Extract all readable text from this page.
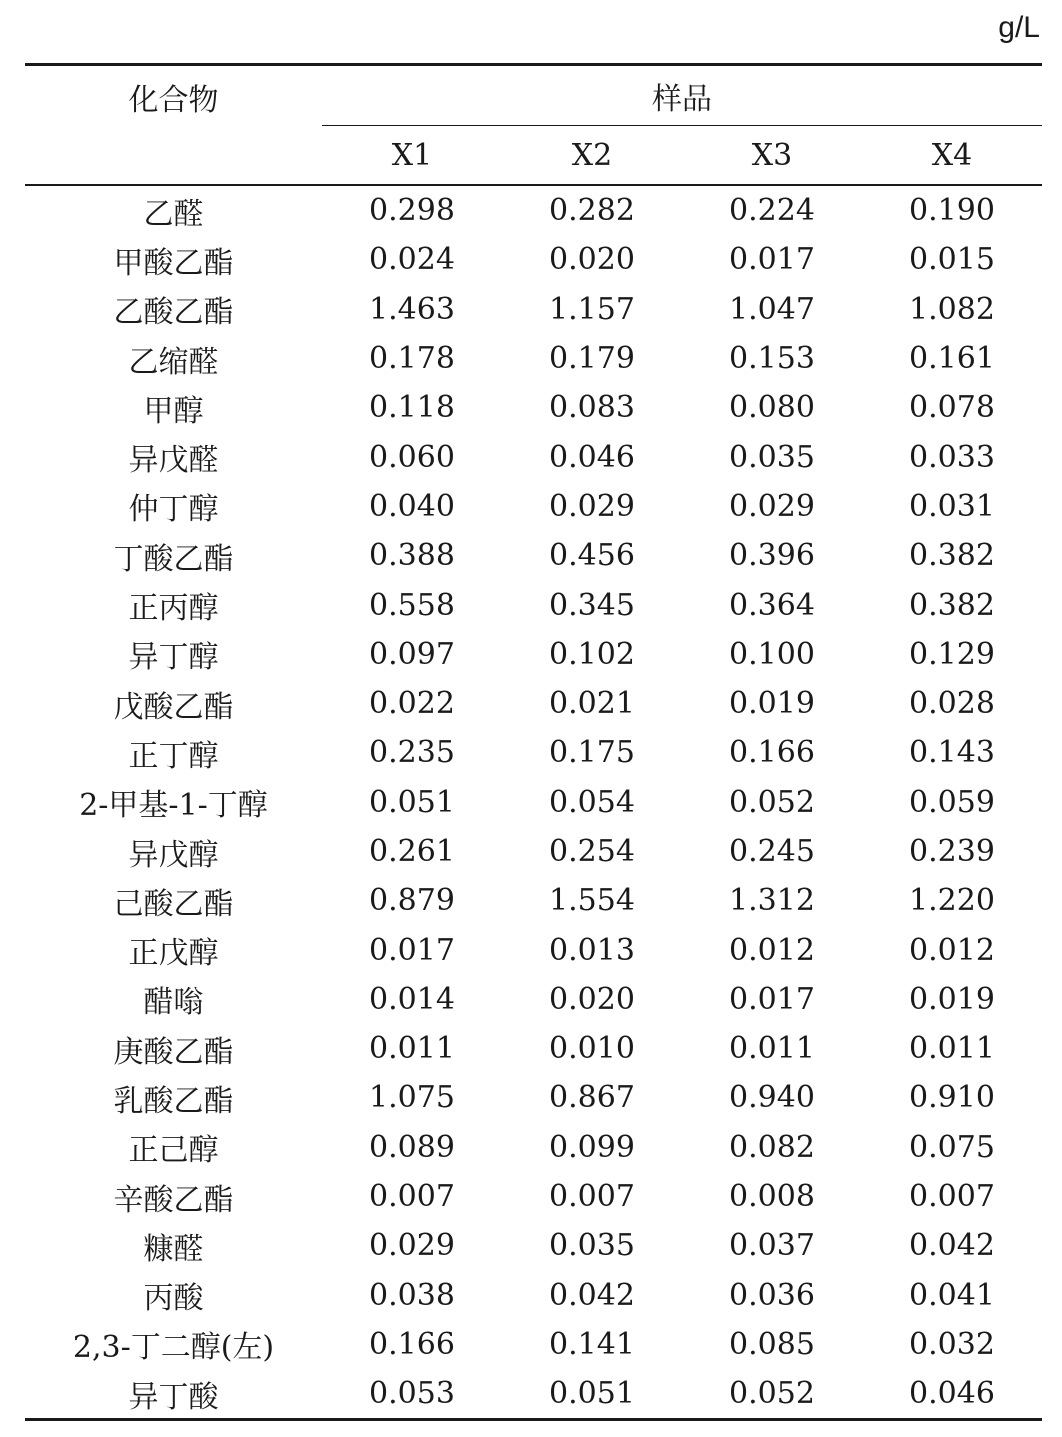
g/L
化合物	样品			
	X1	X2	X3	X4
乙醛	0.298	0.282	0.224	0.190
甲酸乙酯	0.024	0.020	0.017	0.015
乙酸乙酯	1.463	1.157	1.047	1.082
乙缩醛	0.178	0.179	0.153	0.161
甲醇	0.118	0.083	0.080	0.078
异戊醛	0.060	0.046	0.035	0.033
仲丁醇	0.040	0.029	0.029	0.031
丁酸乙酯	0.388	0.456	0.396	0.382
正丙醇	0.558	0.345	0.364	0.382
异丁醇	0.097	0.102	0.100	0.129
戊酸乙酯	0.022	0.021	0.019	0.028
正丁醇	0.235	0.175	0.166	0.143
2-甲基-1-丁醇	0.051	0.054	0.052	0.059
异戊醇	0.261	0.254	0.245	0.239
己酸乙酯	0.879	1.554	1.312	1.220
正戊醇	0.017	0.013	0.012	0.012
醋嗡	0.014	0.020	0.017	0.019
庚酸乙酯	0.011	0.010	0.011	0.011
乳酸乙酯	1.075	0.867	0.940	0.910
正己醇	0.089	0.099	0.082	0.075
辛酸乙酯	0.007	0.007	0.008	0.007
糠醛	0.029	0.035	0.037	0.042
丙酸	0.038	0.042	0.036	0.041
2,3-丁二醇(左)	0.166	0.141	0.085	0.032
异丁酸	0.053	0.051	0.052	0.046
